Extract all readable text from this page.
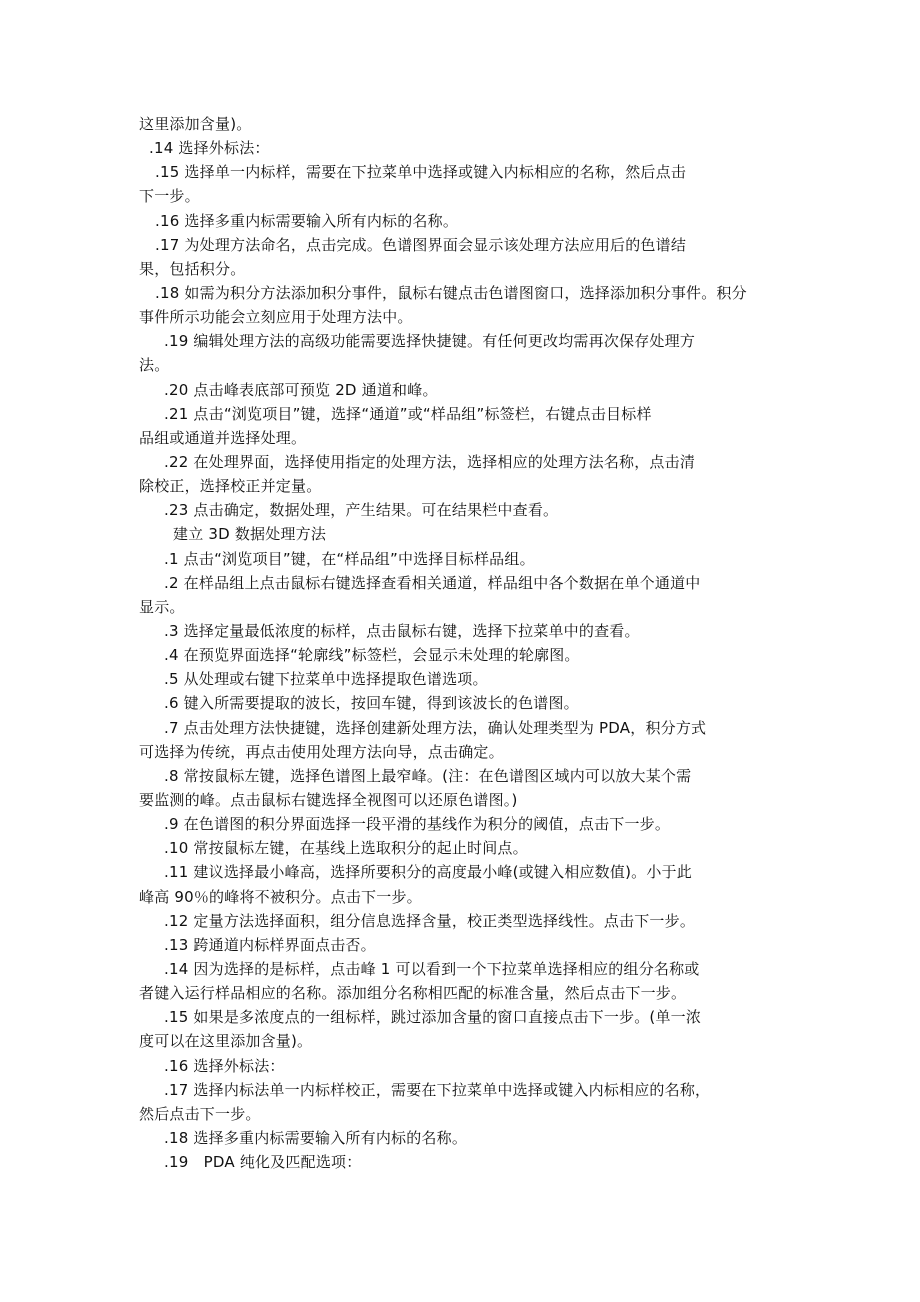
这里添加含量)。
.14 选择外标法：
.15 选择单一内标样，需要在下拉菜单中选择或键入内标相应的名称，然后点击
下一步。
.16 选择多重内标需要输入所有内标的名称。
.17 为处理方法命名，点击完成。色谱图界面会显示该处理方法应用后的色谱结
果，包括积分。
.18 如需为积分方法添加积分事件，鼠标右键点击色谱图窗口，选择添加积分事件。积分
事件所示功能会立刻应用于处理方法中。
.19 编辑处理方法的高级功能需要选择快捷键。有任何更改均需再次保存处理方
法。
.20 点击峰表底部可预览 2D 通道和峰。
.21 点击“浏览项目”键，选择“通道”或“样品组”标签栏，右键点击目标样
品组或通道并选择处理。
.22 在处理界面，选择使用指定的处理方法，选择相应的处理方法名称，点击清
除校正，选择校正并定量。
.23 点击确定，数据处理，产生结果。可在结果栏中查看。
建立 3D 数据处理方法
.1 点击“浏览项目”键，在“样品组”中选择目标样品组。
.2 在样品组上点击鼠标右键选择查看相关通道，样品组中各个数据在单个通道中
显示。
.3 选择定量最低浓度的标样，点击鼠标右键，选择下拉菜单中的查看。
.4 在预览界面选择“轮廓线”标签栏，会显示未处理的轮廓图。
.5 从处理或右键下拉菜单中选择提取色谱选项。
.6 键入所需要提取的波长，按回车键，得到该波长的色谱图。
.7 点击处理方法快捷键，选择创建新处理方法，确认处理类型为 PDA，积分方式
可选择为传统，再点击使用处理方法向导，点击确定。
.8 常按鼠标左键，选择色谱图上最窄峰。(注：在色谱图区域内可以放大某个需
要监测的峰。点击鼠标右键选择全视图可以还原色谱图。)
.9 在色谱图的积分界面选择一段平滑的基线作为积分的阈值，点击下一步。
.10 常按鼠标左键，在基线上选取积分的起止时间点。
.11 建议选择最小峰高，选择所要积分的高度最小峰(或键入相应数值)。小于此
峰高 90％的峰将不被积分。点击下一步。
.12 定量方法选择面积，组分信息选择含量，校正类型选择线性。点击下一步。
.13 跨通道内标样界面点击否。
.14 因为选择的是标样，点击峰 1 可以看到一个下拉菜单选择相应的组分名称或
者键入运行样品相应的名称。添加组分名称相匹配的标准含量，然后点击下一步。
.15 如果是多浓度点的一组标样，跳过添加含量的窗口直接点击下一步。(单一浓
度可以在这里添加含量)。
.16 选择外标法：
.17 选择内标法单一内标样校正，需要在下拉菜单中选择或键入内标相应的名称，
然后点击下一步。
.18 选择多重内标需要输入所有内标的名称。
.19　PDA 纯化及匹配选项：
